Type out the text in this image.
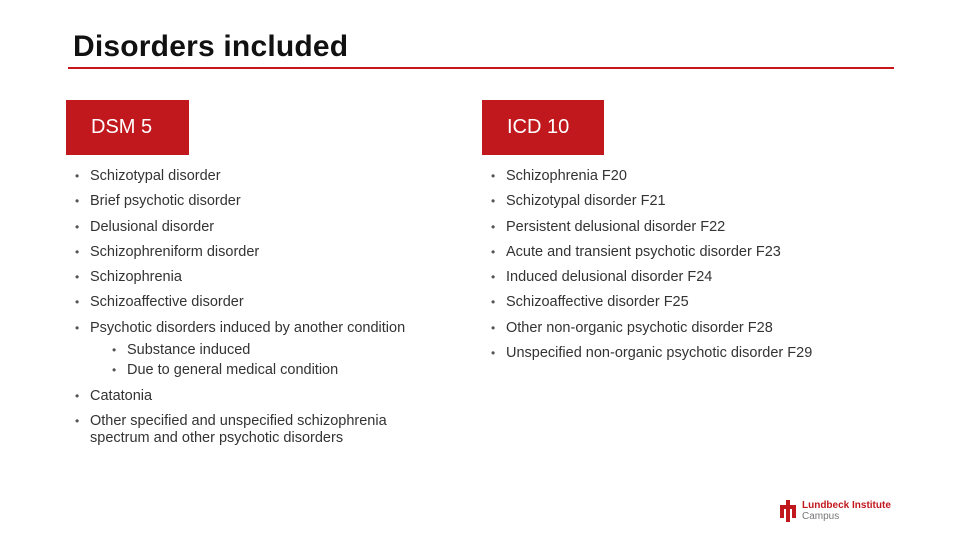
Disorders included
DSM 5	ICD 10
• Schizotypal disorder
• Brief psychotic disorder
• Delusional disorder
• Schizophreniform disorder
• Schizophrenia
• Schizoaffective disorder
• Psychotic disorders induced by another condition
• Substance induced
• Due to general medical condition
• Catatonia
• Other specified and unspecified schizophrenia spectrum and other psychotic disorders
• Schizophrenia F20
• Schizotypal disorder F21
• Persistent delusional disorder F22
• Acute and transient psychotic disorder F23
• Induced delusional disorder F24
• Schizoaffective disorder F25
• Other non-organic psychotic disorder F28
• Unspecified non-organic psychotic disorder F29
Lundbeck Institute
Campus
